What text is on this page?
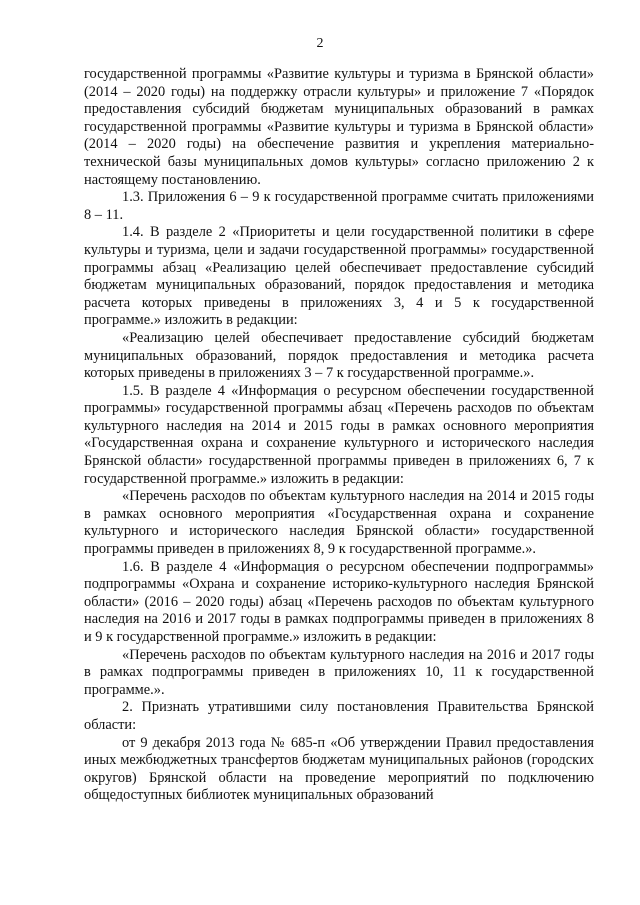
2

государственной программы «Развитие культуры и туризма в Брянской области» (2014 – 2020 годы) на поддержку отрасли культуры» и приложение 7 «Порядок предоставления субсидий бюджетам муниципальных образований в рамках государственной программы «Развитие культуры и туризма в Брянской области» (2014 – 2020 годы) на обеспечение развития и укрепления материально-технической базы муниципальных домов культуры» согласно приложению 2 к настоящему постановлению.

1.3. Приложения 6 – 9 к государственной программе считать приложениями 8 – 11.

1.4. В разделе 2 «Приоритеты и цели государственной политики в сфере культуры и туризма, цели и задачи государственной программы» государственной программы абзац «Реализацию целей обеспечивает предоставление субсидий бюджетам муниципальных образований, порядок предоставления и методика расчета которых приведены в приложениях 3, 4 и 5 к государственной программе.» изложить в редакции:

«Реализацию целей обеспечивает предоставление субсидий бюджетам муниципальных образований, порядок предоставления и методика расчета которых приведены в приложениях 3 – 7 к государственной программе.».

1.5. В разделе 4 «Информация о ресурсном обеспечении государственной программы» государственной программы абзац «Перечень расходов по объектам культурного наследия на 2014 и 2015 годы в рамках основного мероприятия «Государственная охрана и сохранение культурного и исторического наследия Брянской области» государственной программы приведен в приложениях 6, 7 к государственной программе.» изложить в редакции:

«Перечень расходов по объектам культурного наследия на 2014 и 2015 годы в рамках основного мероприятия «Государственная охрана и сохранение культурного и исторического наследия Брянской области» государственной программы приведен в приложениях 8, 9 к государственной программе.».

1.6. В разделе 4 «Информация о ресурсном обеспечении подпрограммы» подпрограммы «Охрана и сохранение историко-культурного наследия Брянской области» (2016 – 2020 годы) абзац «Перечень расходов по объектам культурного наследия на 2016 и 2017 годы в рамках подпрограммы приведен в приложениях 8 и 9 к государственной программе.» изложить в редакции:

«Перечень расходов по объектам культурного наследия на 2016 и 2017 годы в рамках подпрограммы приведен в приложениях 10, 11 к государственной программе.».

2. Признать утратившими силу постановления Правительства Брянской области:

от 9 декабря 2013 года № 685-п «Об утверждении Правил предоставления иных межбюджетных трансфертов бюджетам муниципальных районов (городских округов) Брянской области на проведение мероприятий по подключению общедоступных библиотек муниципальных образований
